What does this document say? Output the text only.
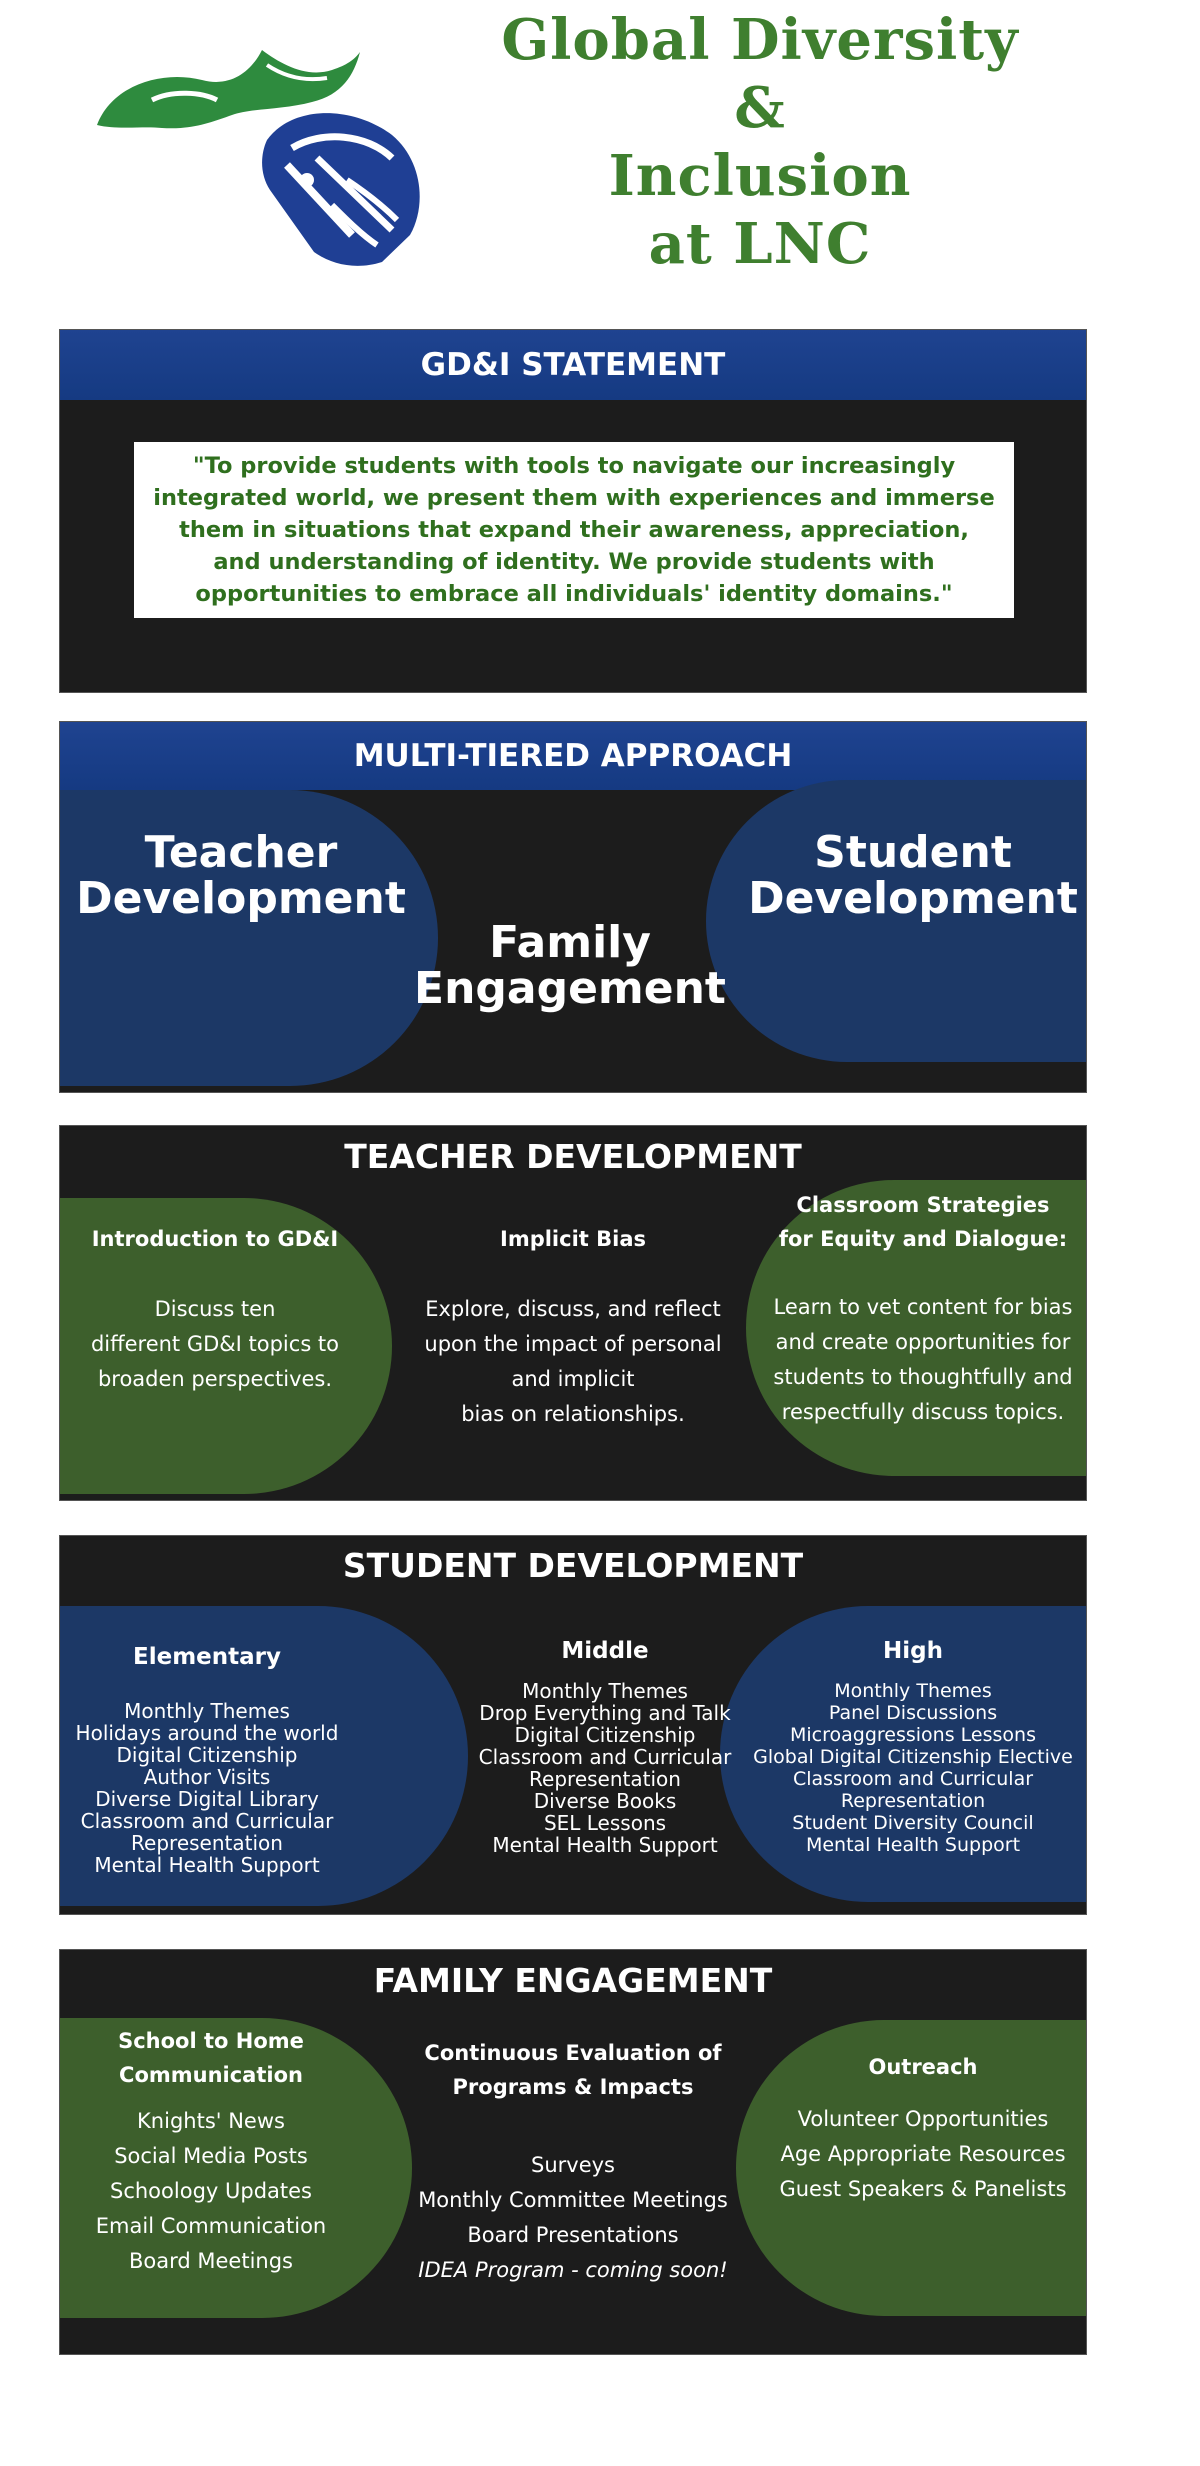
Global Diversity
&
Inclusion
at LNC
GD&I STATEMENT
"To provide students with tools to navigate our increasingly integrated world, we present them with experiences and immerse them in situations that expand their awareness, appreciation, and understanding of identity. We provide students with opportunities to embrace all individuals' identity domains."
MULTI-TIERED APPROACH
Teacher
Development
Family
Engagement
Student
Development
TEACHER DEVELOPMENT
Introduction to GD&I
Discuss ten
different GD&I topics to
broaden perspectives.
Implicit Bias
Explore, discuss, and reflect
upon the impact of personal
and implicit
bias on relationships.
Classroom Strategies
for Equity and Dialogue:
Learn to vet content for bias
and create opportunities for
students to thoughtfully and
respectfully discuss topics.
STUDENT DEVELOPMENT
Elementary
Monthly Themes
Holidays around the world
Digital Citizenship
Author Visits
Diverse Digital Library
Classroom and Curricular
Representation
Mental Health Support
Middle
Monthly Themes
Drop Everything and Talk
Digital Citizenship
Classroom and Curricular
Representation
Diverse Books
SEL Lessons
Mental Health Support
High
Monthly Themes
Panel Discussions
Microaggressions Lessons
Global Digital Citizenship Elective
Classroom and Curricular
Representation
Student Diversity Council
Mental Health Support
FAMILY ENGAGEMENT
School to Home
Communication
Knights' News
Social Media Posts
Schoology Updates
Email Communication
Board Meetings
Continuous Evaluation of
Programs & Impacts
Surveys
Monthly Committee Meetings
Board Presentations
IDEA Program - coming soon!
Outreach
Volunteer Opportunities
Age Appropriate Resources
Guest Speakers & Panelists
